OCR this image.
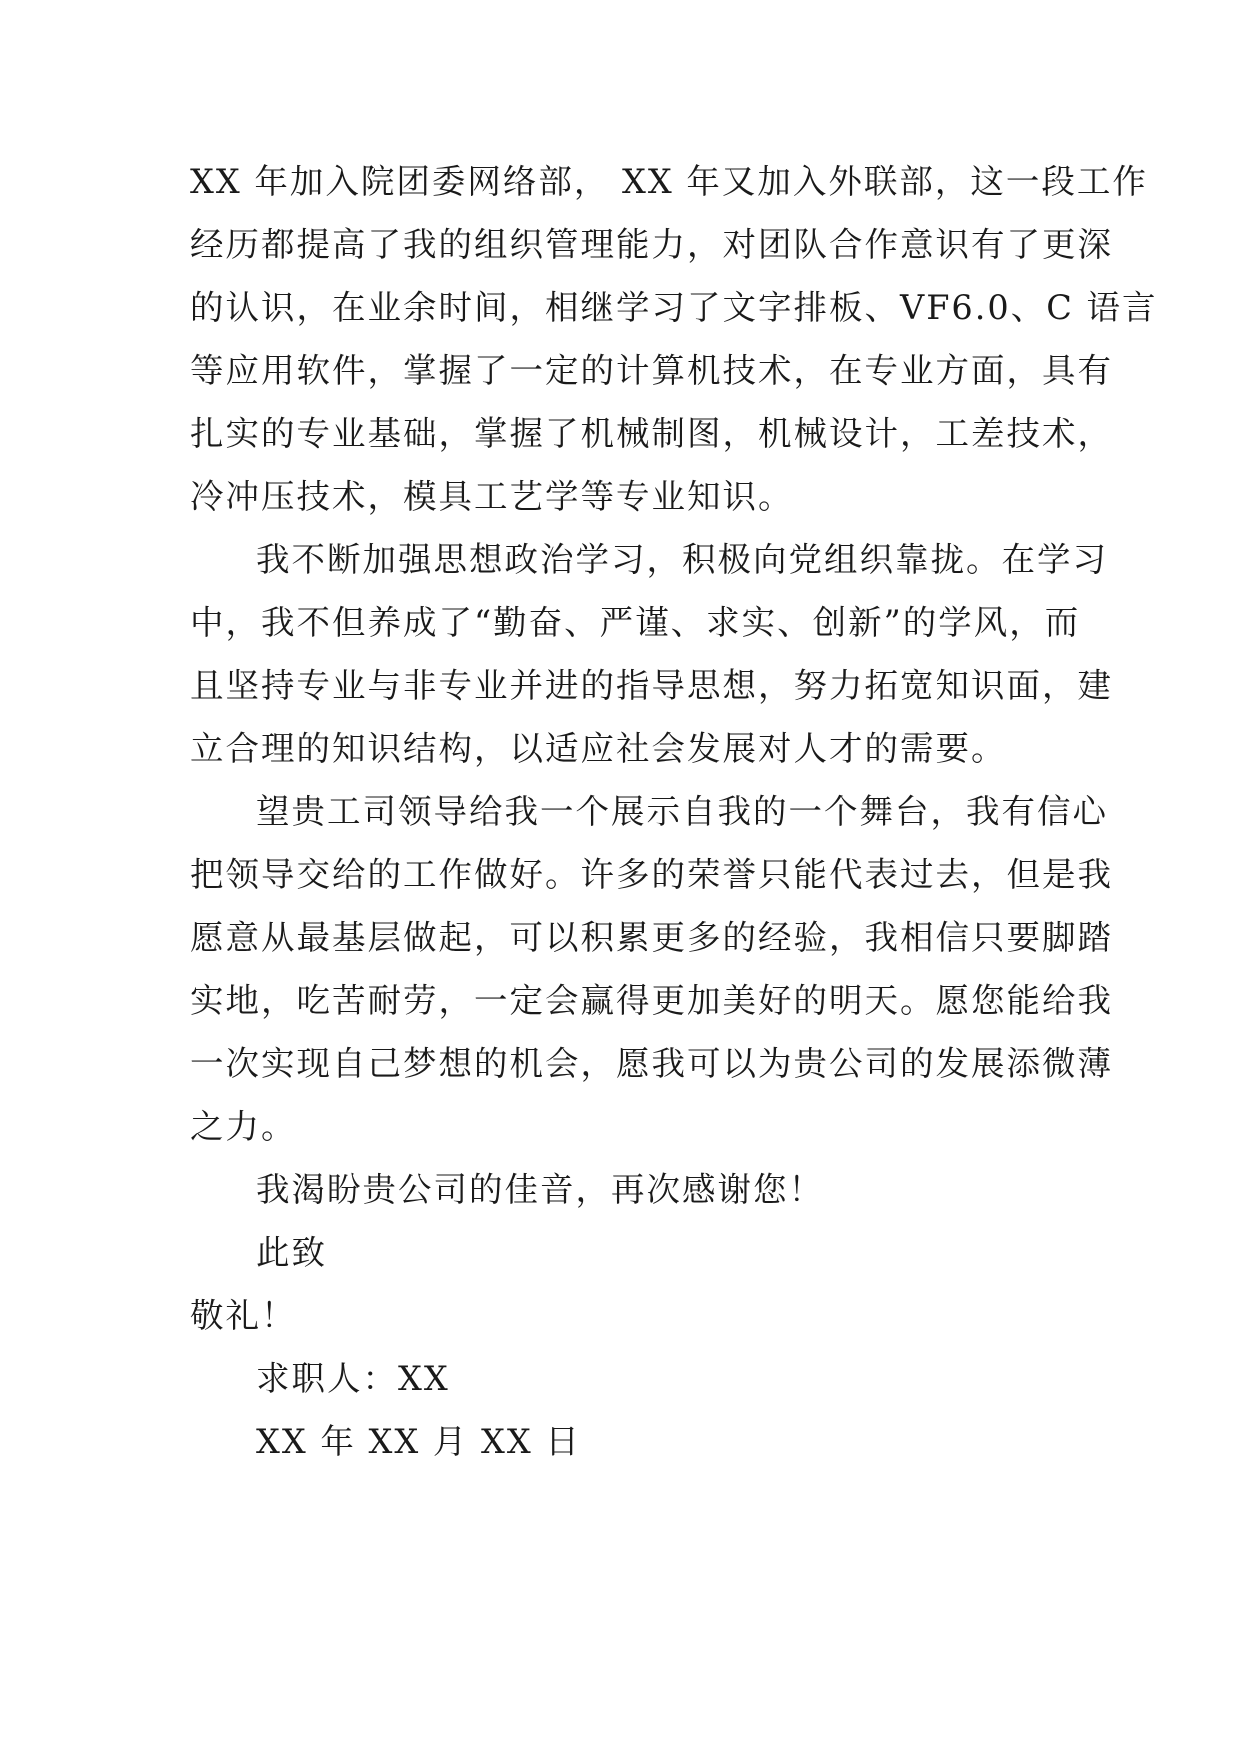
XX 年加入院团委网络部， XX 年又加入外联部，这一段工作
经历都提高了我的组织管理能力，对团队合作意识有了更深
的认识，在业余时间，相继学习了文字排板、VF6.0、C 语言
等应用软件，掌握了一定的计算机技术，在专业方面，具有
扎实的专业基础，掌握了机械制图，机械设计，工差技术，
冷冲压技术，模具工艺学等专业知识。
我不断加强思想政治学习，积极向党组织靠拢。在学习
中，我不但养成了“勤奋、严谨、求实、创新”的学风，而
且坚持专业与非专业并进的指导思想，努力拓宽知识面，建
立合理的知识结构，以适应社会发展对人才的需要。
望贵工司领导给我一个展示自我的一个舞台，我有信心
把领导交给的工作做好。许多的荣誉只能代表过去，但是我
愿意从最基层做起，可以积累更多的经验，我相信只要脚踏
实地，吃苦耐劳，一定会赢得更加美好的明天。愿您能给我
一次实现自己梦想的机会，愿我可以为贵公司的发展添微薄
之力。
我渴盼贵公司的佳音，再次感谢您！
此致
敬礼！
求职人：XX
XX 年 XX 月 XX 日
